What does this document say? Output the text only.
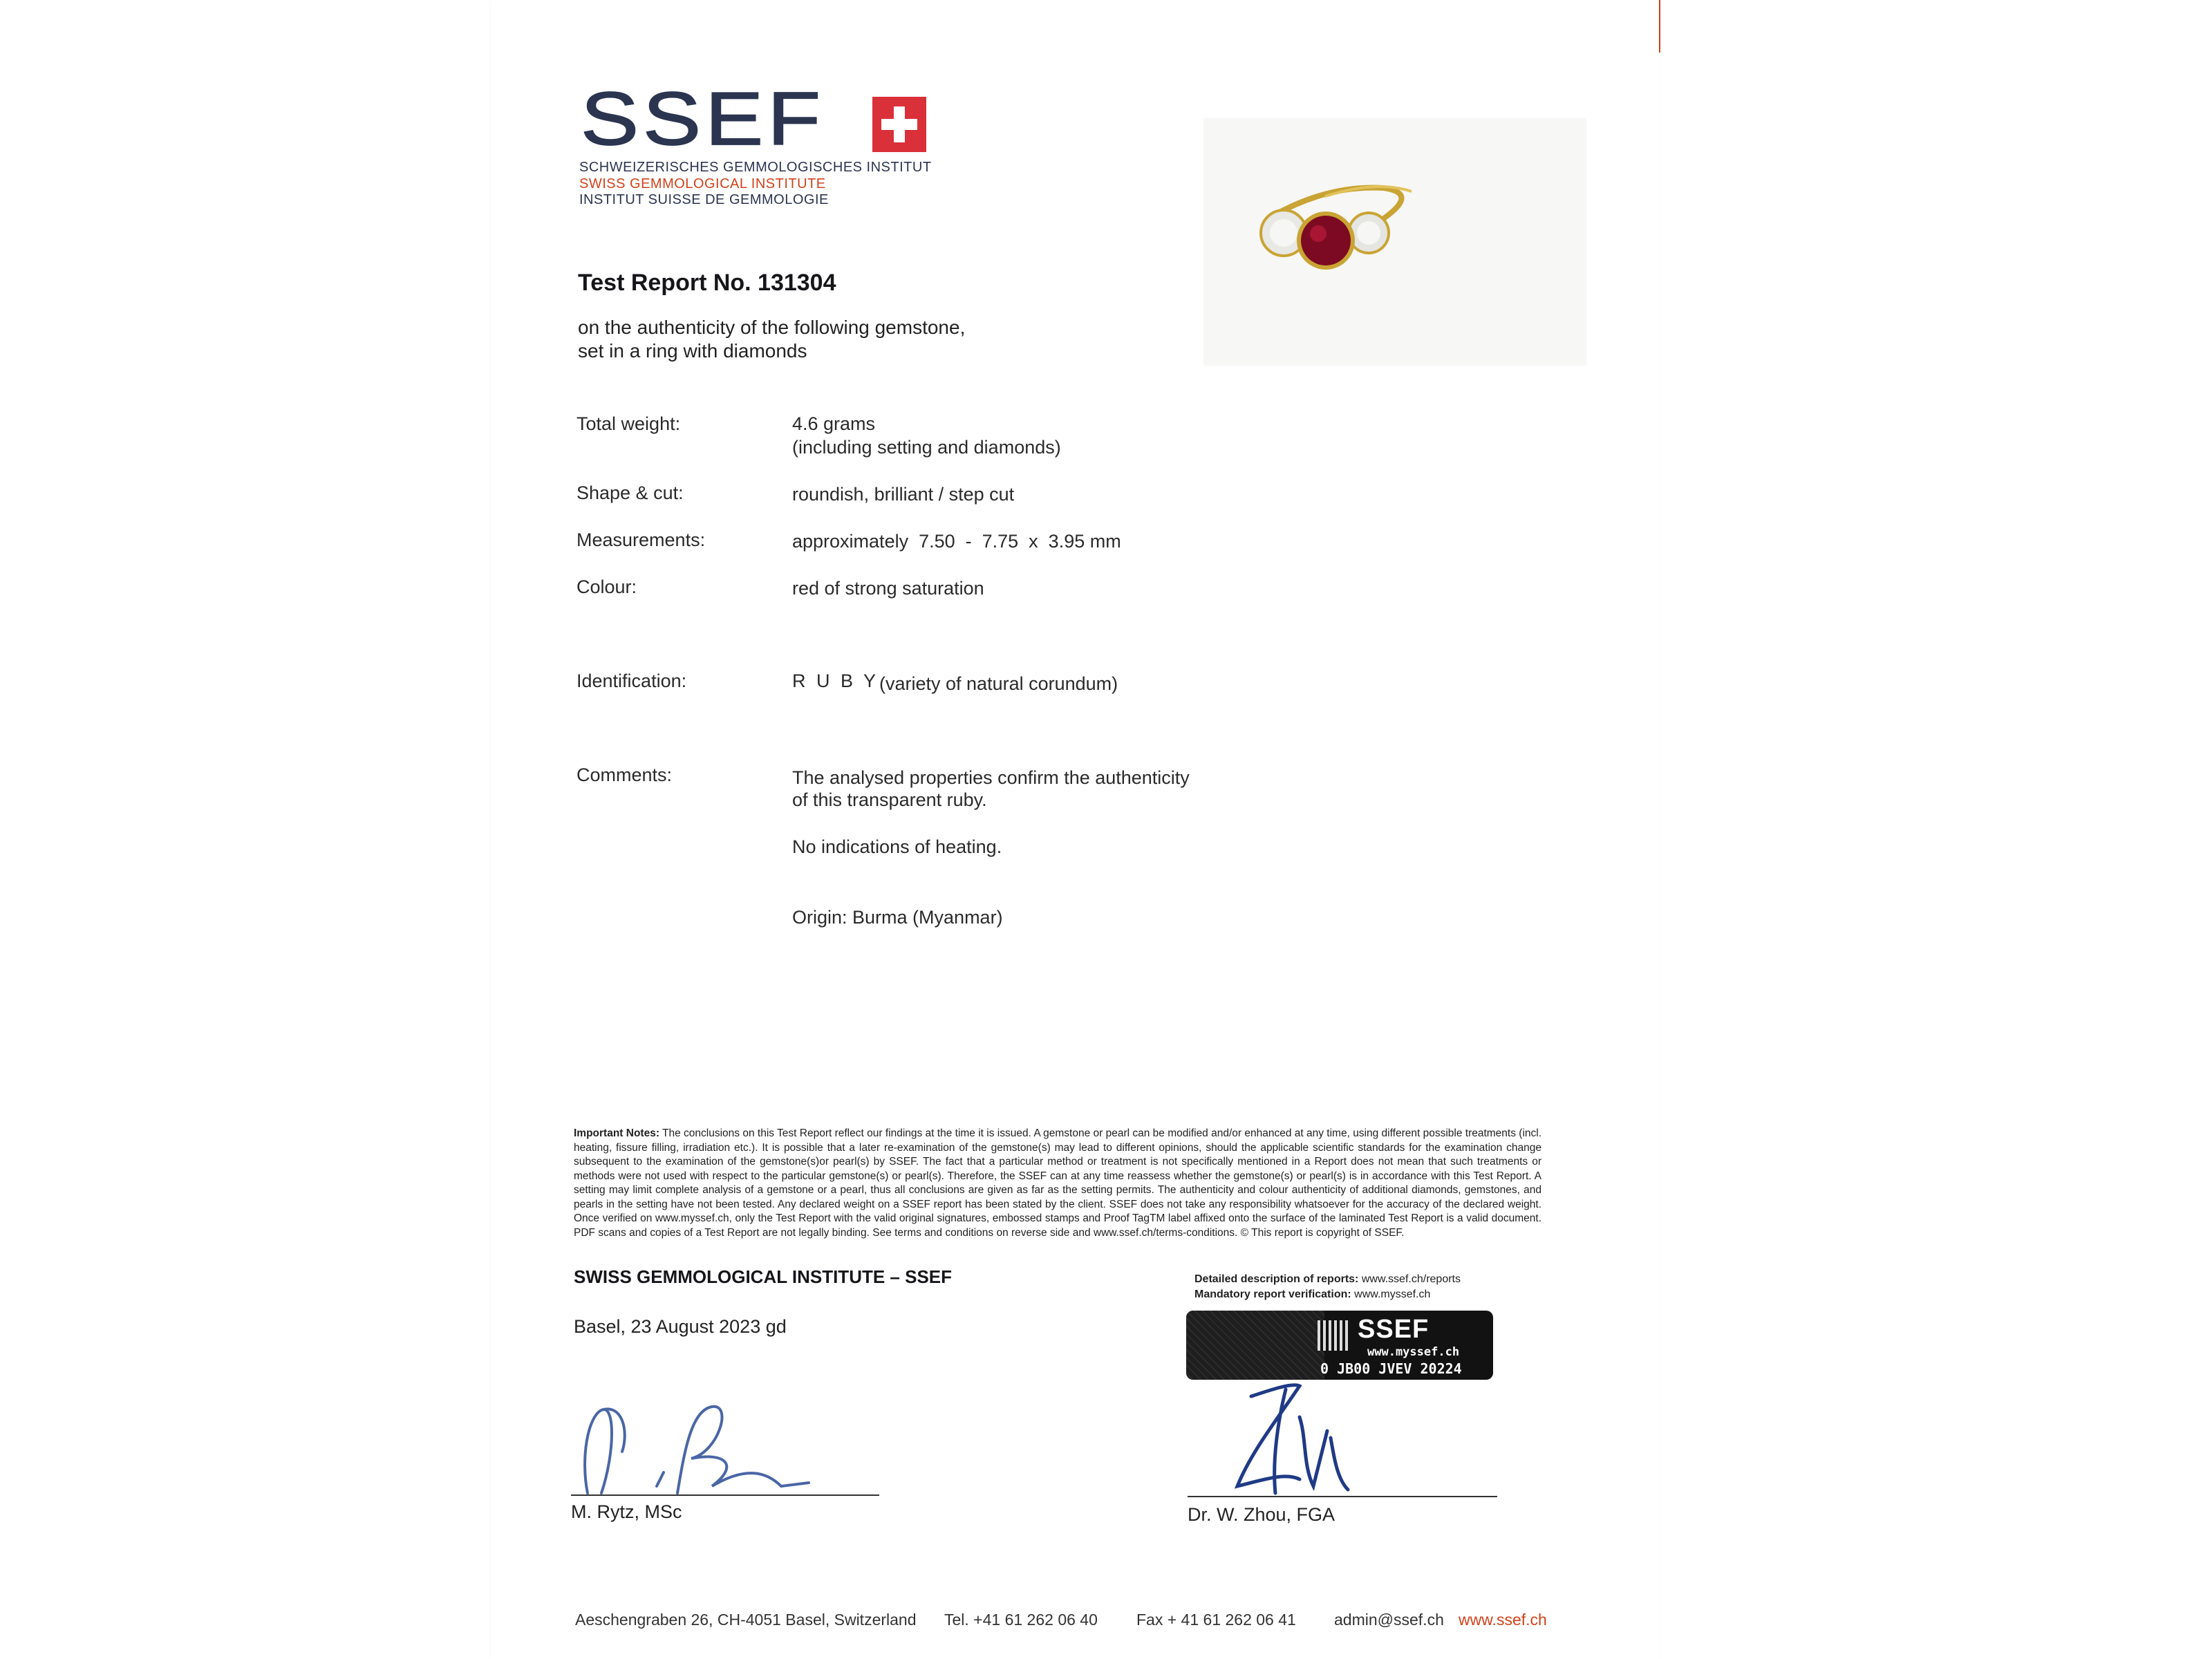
SSEF
SCHWEIZERISCHES GEMMOLOGISCHES INSTITUT
SWISS GEMMOLOGICAL INSTITUTE
INSTITUT SUISSE DE GEMMOLOGIE
Test Report No. 131304
on the authenticity of the following gemstone,
set in a ring with diamonds
Total weight:	4.6 grams
(including setting and diamonds)
Shape & cut:	roundish, brilliant / step cut
Measurements:	approximately  7.50  -  7.75  x  3.95 mm
Colour:	red of strong saturation
Identification:	R U B Y (variety of natural corundum)
Comments:	The analysed properties confirm the authenticity
of this transparent ruby.
No indications of heating.
Origin: Burma (Myanmar)
Important Notes: The conclusions on this Test Report reflect our findings at the time it is issued. A gemstone or pearl can be modified and/or enhanced at any time, using different possible treatments (incl. heating, fissure filling, irradiation etc.). It is possible that a later re-examination of the gemstone(s) may lead to different opinions, should the applicable scientific standards for the examination change subsequent to the examination of the gemstone(s)or pearl(s) by SSEF. The fact that a particular method or treatment is not specifically mentioned in a Report does not mean that such treatments or methods were not used with respect to the particular gemstone(s) or pearl(s). Therefore, the SSEF can at any time reassess whether the gemstone(s) or pearl(s) is in accordance with this Test Report. A setting may limit complete analysis of a gemstone or a pearl, thus all conclusions are given as far as the setting permits. The authenticity and colour authenticity of additional diamonds, gemstones, and pearls in the setting have not been tested. Any declared weight on a SSEF report has been stated by the client. SSEF does not take any responsibility whatsoever for the accuracy of the declared weight. Once verified on www.myssef.ch, only the Test Report with the valid original signatures, embossed stamps and Proof TagTM label affixed onto the surface of the laminated Test Report is a valid document. PDF scans and copies of a Test Report are not legally binding. See terms and conditions on reverse side and www.ssef.ch/terms-conditions. © This report is copyright of SSEF.
SWISS GEMMOLOGICAL INSTITUTE – SSEF
Basel, 23 August 2023 gd
Detailed description of reports: www.ssef.ch/reports
Mandatory report verification: www.myssef.ch
SSEF
www.myssef.ch
0 JB00 JVEV 20224
M. Rytz, MSc	Dr. W. Zhou, FGA
Aeschengraben 26, CH-4051 Basel, Switzerland Tel. +41 61 262 06 40 Fax + 41 61 262 06 41 admin@ssef.ch www.ssef.ch
